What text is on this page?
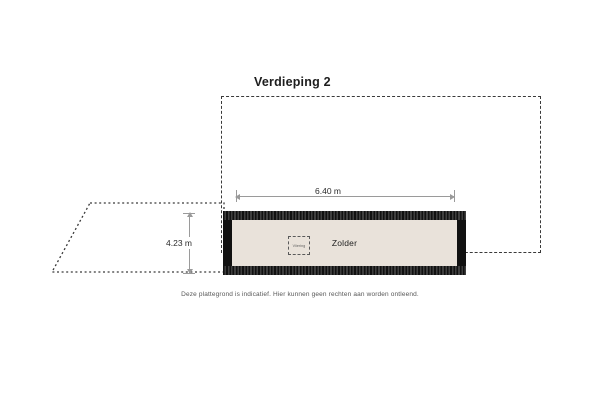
Verdieping 2
Vliering	Zolder
6.40 m
4.23 m
Deze plattegrond is indicatief. Hier kunnen geen rechten aan worden ontleend.
